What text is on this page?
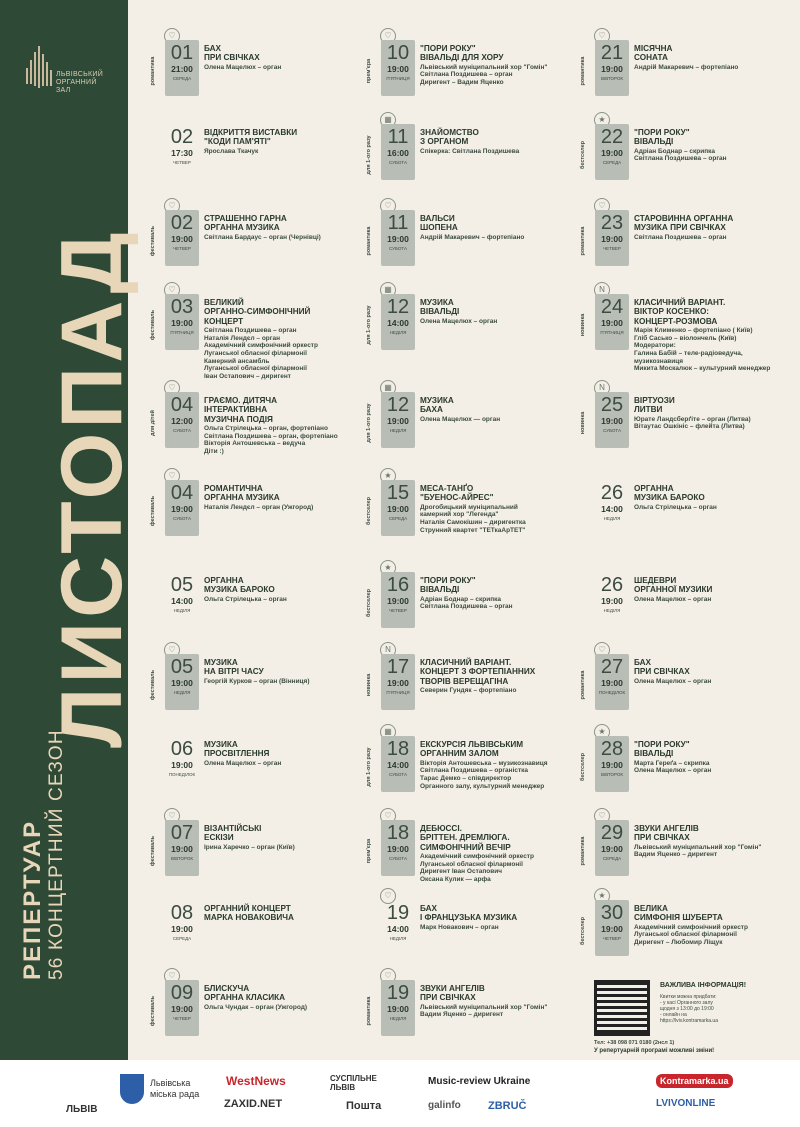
ЛЬВІВСЬКИЙ
ОРГАННИЙ
ЗАЛ
ЛИСТОПАД
РЕПЕРТУАР 56 КОНЦЕРТНИЙ СЕЗОН
романтика
♡
01
21:00
СЕРЕДА
БАХ
ПРИ СВІЧКАХ
Олена Мацелюх – орган
02
17:30
ЧЕТВЕР
ВІДКРИТТЯ ВИСТАВКИ
"КОДИ ПАМ'ЯТІ"
Ярослава Ткачук
фестиваль
♡
02
19:00
ЧЕТВЕР
СТРАШЕННО ГАРНА
ОРГАННА МУЗИКА
Світлана Бардаус – орган (Чернівці)
фестиваль
♡
03
19:00
П'ЯТНИЦЯ
ВЕЛИКИЙ
ОРГАННО-СИМФОНІЧНИЙ
КОНЦЕРТ
Світлана Поздишева – орган
Наталія Лендєл – орган
Академічний симфонічний оркестр
Луганської обласної філармонії
Камерний ансамбль
Луганської обласної філармонії
Іван Остапович – диригент
для дітей
♡
04
12:00
СУБОТА
ГРАЄМО. ДИТЯЧА
ІНТЕРАКТИВНА
МУЗИЧНА ПОДІЯ
Ольга Стрілецька – орган, фортепіано
Світлана Поздишева – орган, фортепіано
Вікторія Антошевська – ведуча
Діти :)
фестиваль
♡
04
19:00
СУБОТА
РОМАНТИЧНА
ОРГАННА МУЗИКА
Наталія Лендєл – орган (Ужгород)
05
14:00
НЕДІЛЯ
ОРГАННА
МУЗИКА БАРОКО
Ольга Стрілецька – орган
фестиваль
♡
05
19:00
НЕДІЛЯ
МУЗИКА
НА ВІТРІ ЧАСУ
Георгій Курков – орган (Вінниця)
06
19:00
ПОНЕДІЛОК
МУЗИКА
ПРОСВІТЛЕННЯ
Олена Мацелюх – орган
фестиваль
♡
07
19:00
ВІВТОРОК
ВІЗАНТІЙСЬКІ
ЕСКІЗИ
Ірина Харечко – орган (Київ)
08
19:00
СЕРЕДА
ОРГАННИЙ КОНЦЕРТ
МАРКА НОВАКОВИЧА
фестиваль
♡
09
19:00
ЧЕТВЕР
БЛИСКУЧА
ОРГАННА КЛАСИКА
Ольга Чундак – орган (Ужгород)
прем'єра
♡
10
19:00
П'ЯТНИЦЯ
"ПОРИ РОКУ"
ВІВАЛЬДІ ДЛЯ ХОРУ
Львівський муніципальний хор "Гомін"
Світлана Поздишева – орган
Диригент – Вадим Яценко
для 1-ого разу
▦
11
16:00
СУБОТА
ЗНАЙОМСТВО
З ОРГАНОМ
Спікерка: Світлана Поздишева
романтика
♡
11
19:00
СУБОТА
ВАЛЬСИ
ШОПЕНА
Андрій Макаревич – фортепіано
для 1-ого разу
▦
12
14:00
НЕДІЛЯ
МУЗИКА
ВІВАЛЬДІ
Олена Мацелюх – орган
для 1-ого разу
▦
12
19:00
НЕДІЛЯ
МУЗИКА
БАХА
Олена Мацелюх — орган
бестселер
★
15
19:00
СЕРЕДА
МЕСА-ТАНҐО
"БУЕНОС-АЙРЕС"
Дрогобицький муніципальний
камерний хор "Легенда"
Наталія Самокішин – диригентка
Струнний квартет "ТЕТкаАрТЕТ"
бестселер
★
16
19:00
ЧЕТВЕР
"ПОРИ РОКУ"
ВІВАЛЬДІ
Адріан Боднар – скрипка
Світлана Поздишева – орган
новинка
N
17
19:00
П'ЯТНИЦЯ
КЛАСИЧНИЙ ВАРІАНТ.
КОНЦЕРТ З ФОРТЕПІАННИХ
ТВОРІВ ВЕРЕЩАГІНА
Северин Гундяк – фортепіано
для 1-ого разу
▦
18
14:00
СУБОТА
ЕКСКУРСІЯ ЛЬВІВСЬКИМ
ОРГАННИМ ЗАЛОМ
Вікторія Антошевська – музикознавиця
Світлана Поздишева – органістка
Тарас Демко – співдиректор
Органного залу, культурний менеджер
прем'єра
♡
18
19:00
СУБОТА
ДЕБЮССІ.
БРІТТЕН. ДРЕМЛЮГА.
СИМФОНІЧНИЙ ВЕЧІР
Академічний симфонічний оркестр
Луганської обласної філармонії
Диригент Іван Остапович
Оксана Кулик — арфа
♡
19
14:00
НЕДІЛЯ
БАХ
І ФРАНЦУЗЬКА МУЗИКА
Марк Новакович – орган
романтика
♡
19
19:00
НЕДІЛЯ
ЗВУКИ АНГЕЛІВ
ПРИ СВІЧКАХ
Львівський муніципальний хор "Гомін"
Вадим Яценко – диригент
романтика
♡
21
19:00
ВІВТОРОК
МІСЯЧНА
СОНАТА
Андрій Макаревич – фортепіано
бестселер
★
22
19:00
СЕРЕДА
"ПОРИ РОКУ"
ВІВАЛЬДІ
Адріан Боднар – скрипка
Світлана Поздишева – орган
романтика
♡
23
19:00
ЧЕТВЕР
СТАРОВИННА ОРГАННА
МУЗИКА ПРИ СВІЧКАХ
Світлана Поздишева – орган
новинка
N
24
19:00
П'ЯТНИЦЯ
КЛАСИЧНИЙ ВАРІАНТ.
ВІКТОР КОСЕНКО:
КОНЦЕРТ-РОЗМОВА
Марія Клименко – фортепіано ( Київ)
Гліб Сасько – віолончель (Київ)
Модератори:
Галина Бабій – теле-радіоведуча,
музикознавиця
Микита Москалюк – культурний менеджер
новинка
N
25
19:00
СУБОТА
ВІРТУОЗИ
ЛИТВИ
Юрате Ландсберґіте – орган (Литва)
Вітаутас Ошкініс – флейта (Литва)
26
14:00
НЕДІЛЯ
ОРГАННА
МУЗИКА БАРОКО
Ольга Стрілецька – орган
26
19:00
НЕДІЛЯ
ШЕДЕВРИ
ОРГАННОЇ МУЗИКИ
Олена Мацелюх – орган
романтика
♡
27
19:00
ПОНЕДІЛОК
БАХ
ПРИ СВІЧКАХ
Олена Мацелюх – орган
бестселер
★
28
19:00
ВІВТОРОК
"ПОРИ РОКУ"
ВІВАЛЬДІ
Марта Гереґа – скрипка
Олена Мацелюх – орган
романтика
♡
29
19:00
СЕРЕДА
ЗВУКИ АНГЕЛІВ
ПРИ СВІЧКАХ
Львівський муніципальний хор "Гомін"
Вадим Яценко – диригент
бестселер
★
30
19:00
ЧЕТВЕР
ВЕЛИКА
СИМФОНІЯ ШУБЕРТА
Академічний симфонічний оркестр
Луганської обласної філармонії
Диригент – Любомир Ліщук
ВАЖЛИВА ІНФОРМАЦІЯ!
Квитки можна придбати:
- у касі Органного залу
щодня з 13:00 до 19:00
- онлайн на
https://lviv.kontramarka.ua
Тел: +38 098 071 0180 (2нсл 1)
У репертуарній програмі можливі зміни!
ЛЬВІВ
Львівська міська рада
WestNews
ZAXID.NET
СУСПІЛЬНЕ ЛЬВІВ
Пошта
Music-review Ukraine
galinfo ZBRUČ
Kontramarka.ua
LVIVONLINE
